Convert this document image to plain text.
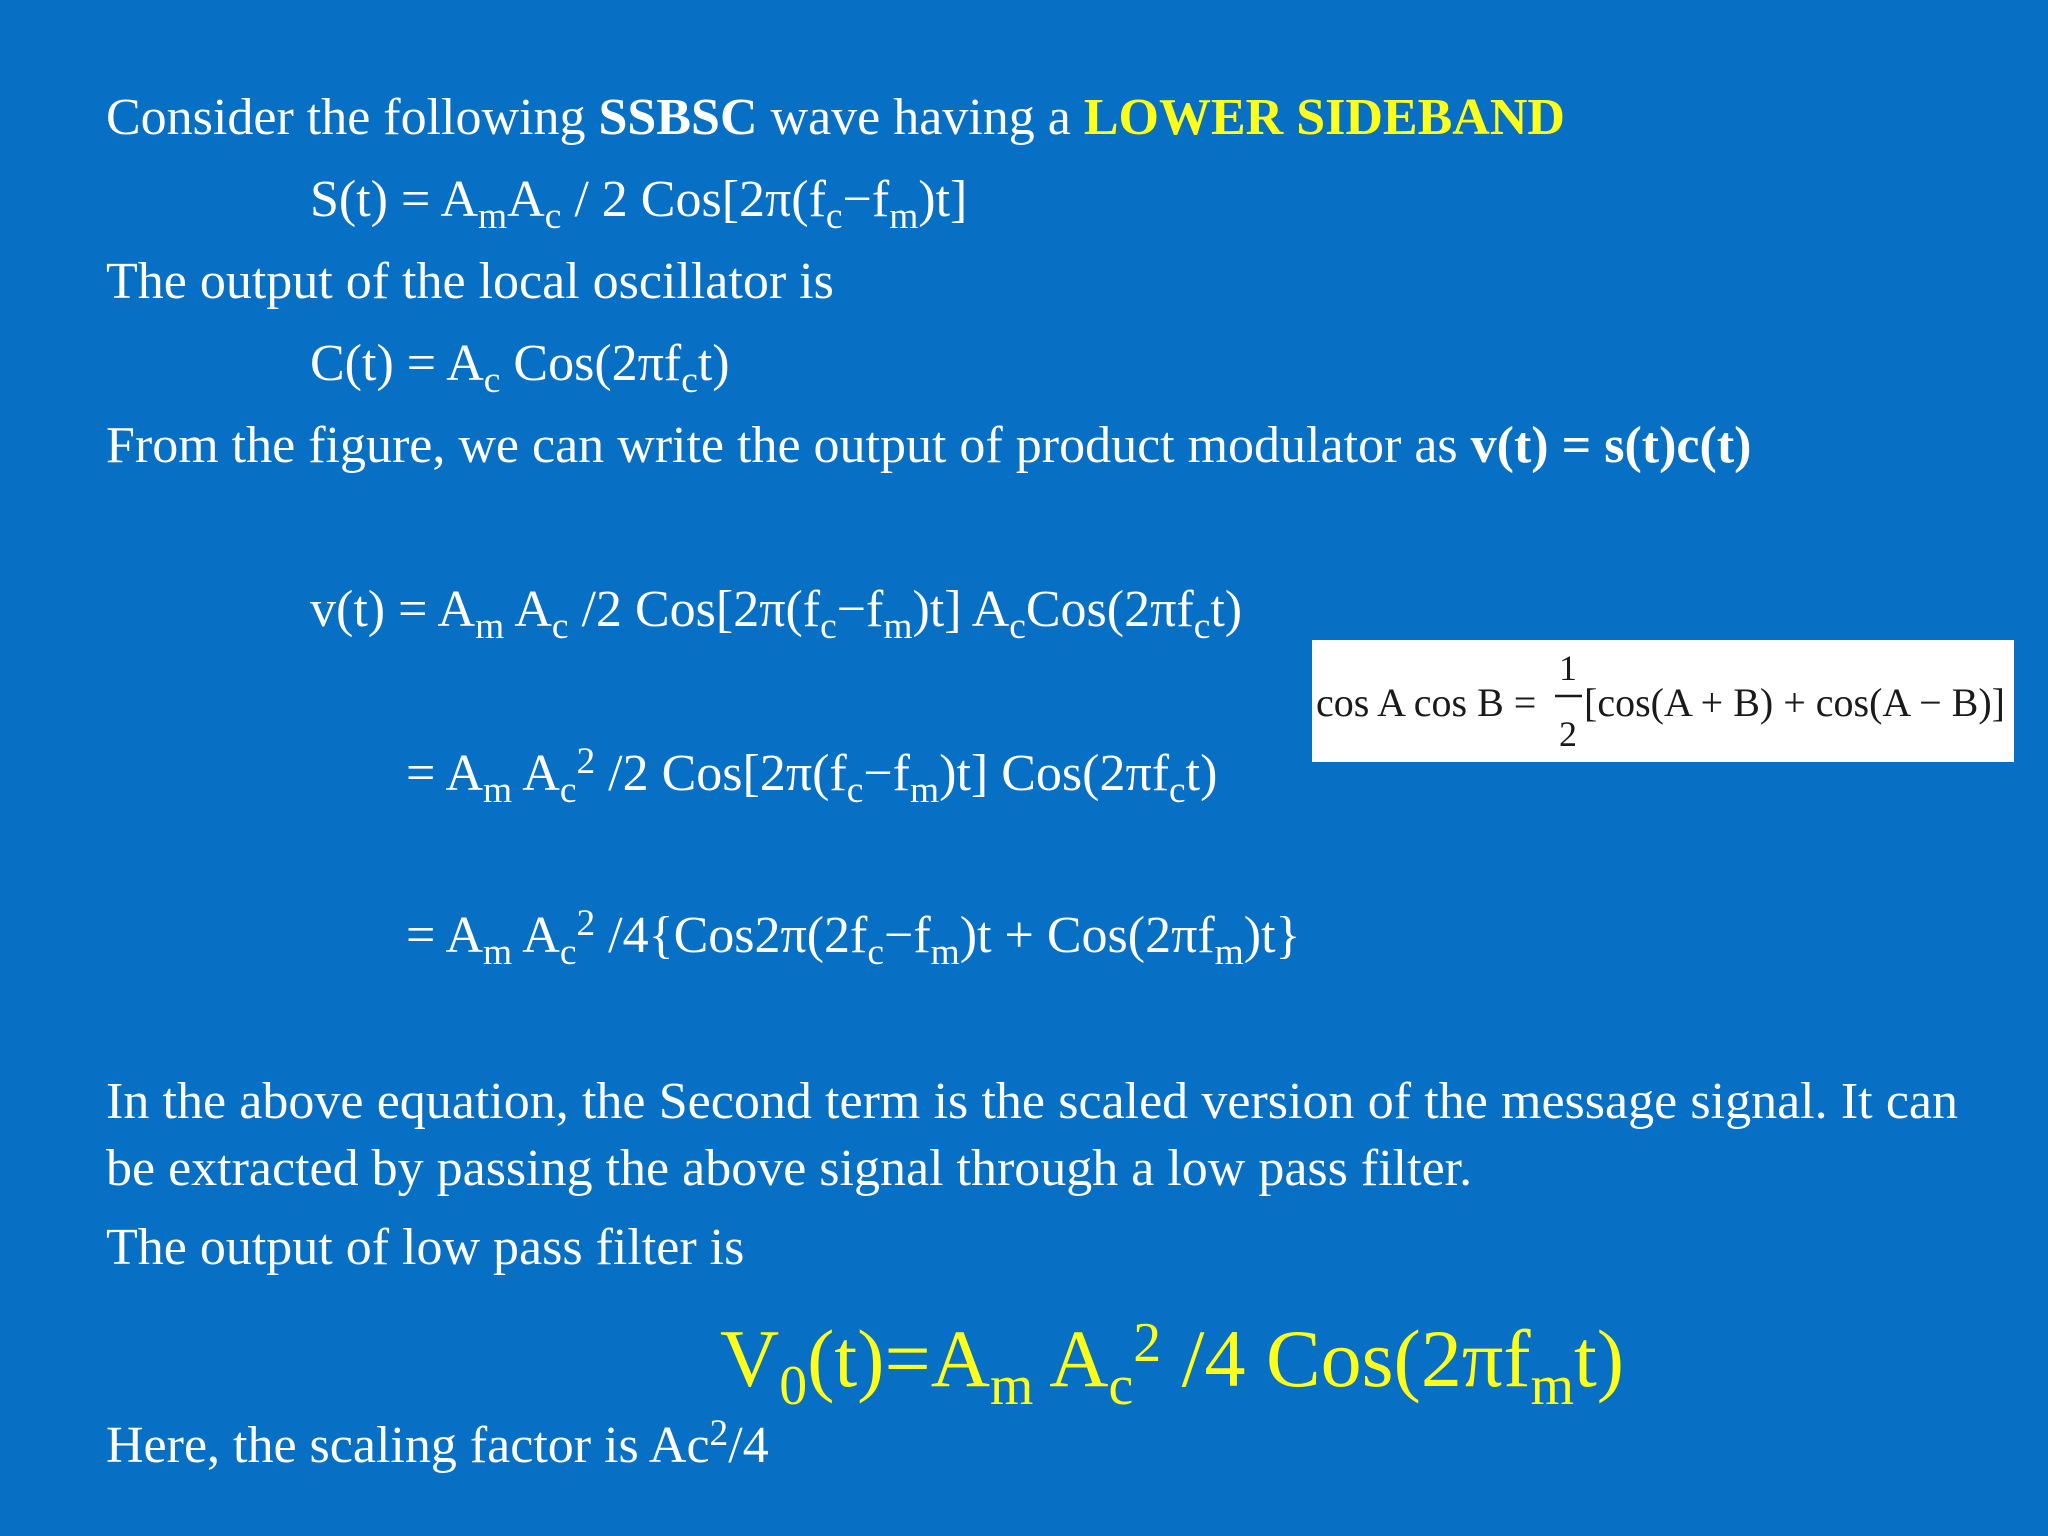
Consider the following SSBSC wave having a LOWER SIDEBAND
$S(t) = A_mA_c / 2$ $Cos[2\pi(f_c-f_m)t]$
The output of the local oscillator is
$C(t) = A_c$ $Cos(2\pi f_ct)$
From the figure, we can write the output of product modulator as v(t) = s(t)c(t)
$v(t) = A_m$ $A_c$ /2 $Cos[2\pi(f_c-f_m)t]$ $A_cCos(2\pi f_ct)$
cos A cos B =
1
2
[cos(A + B) + cos(A − B)]
= $A_m$ $A_c^2$ /2 $Cos[2\pi(f_c-f_m)t]$ $Cos(2\pi f_ct)$
= $A_m$ $A_c^2$ $/4\{Cos2\pi(2f_c-f_m)t + Cos(2\pi f_m)t\}$
In the above equation, the Second term is the scaled version of the message signal. It can be extracted by passing the above signal through a low pass filter.
The output of low pass filter is
$V_0(t)=A_m$ $A_c^2$ /4 $Cos(2\pi f_mt)$
Here, the scaling factor is Ac$^2$/4
